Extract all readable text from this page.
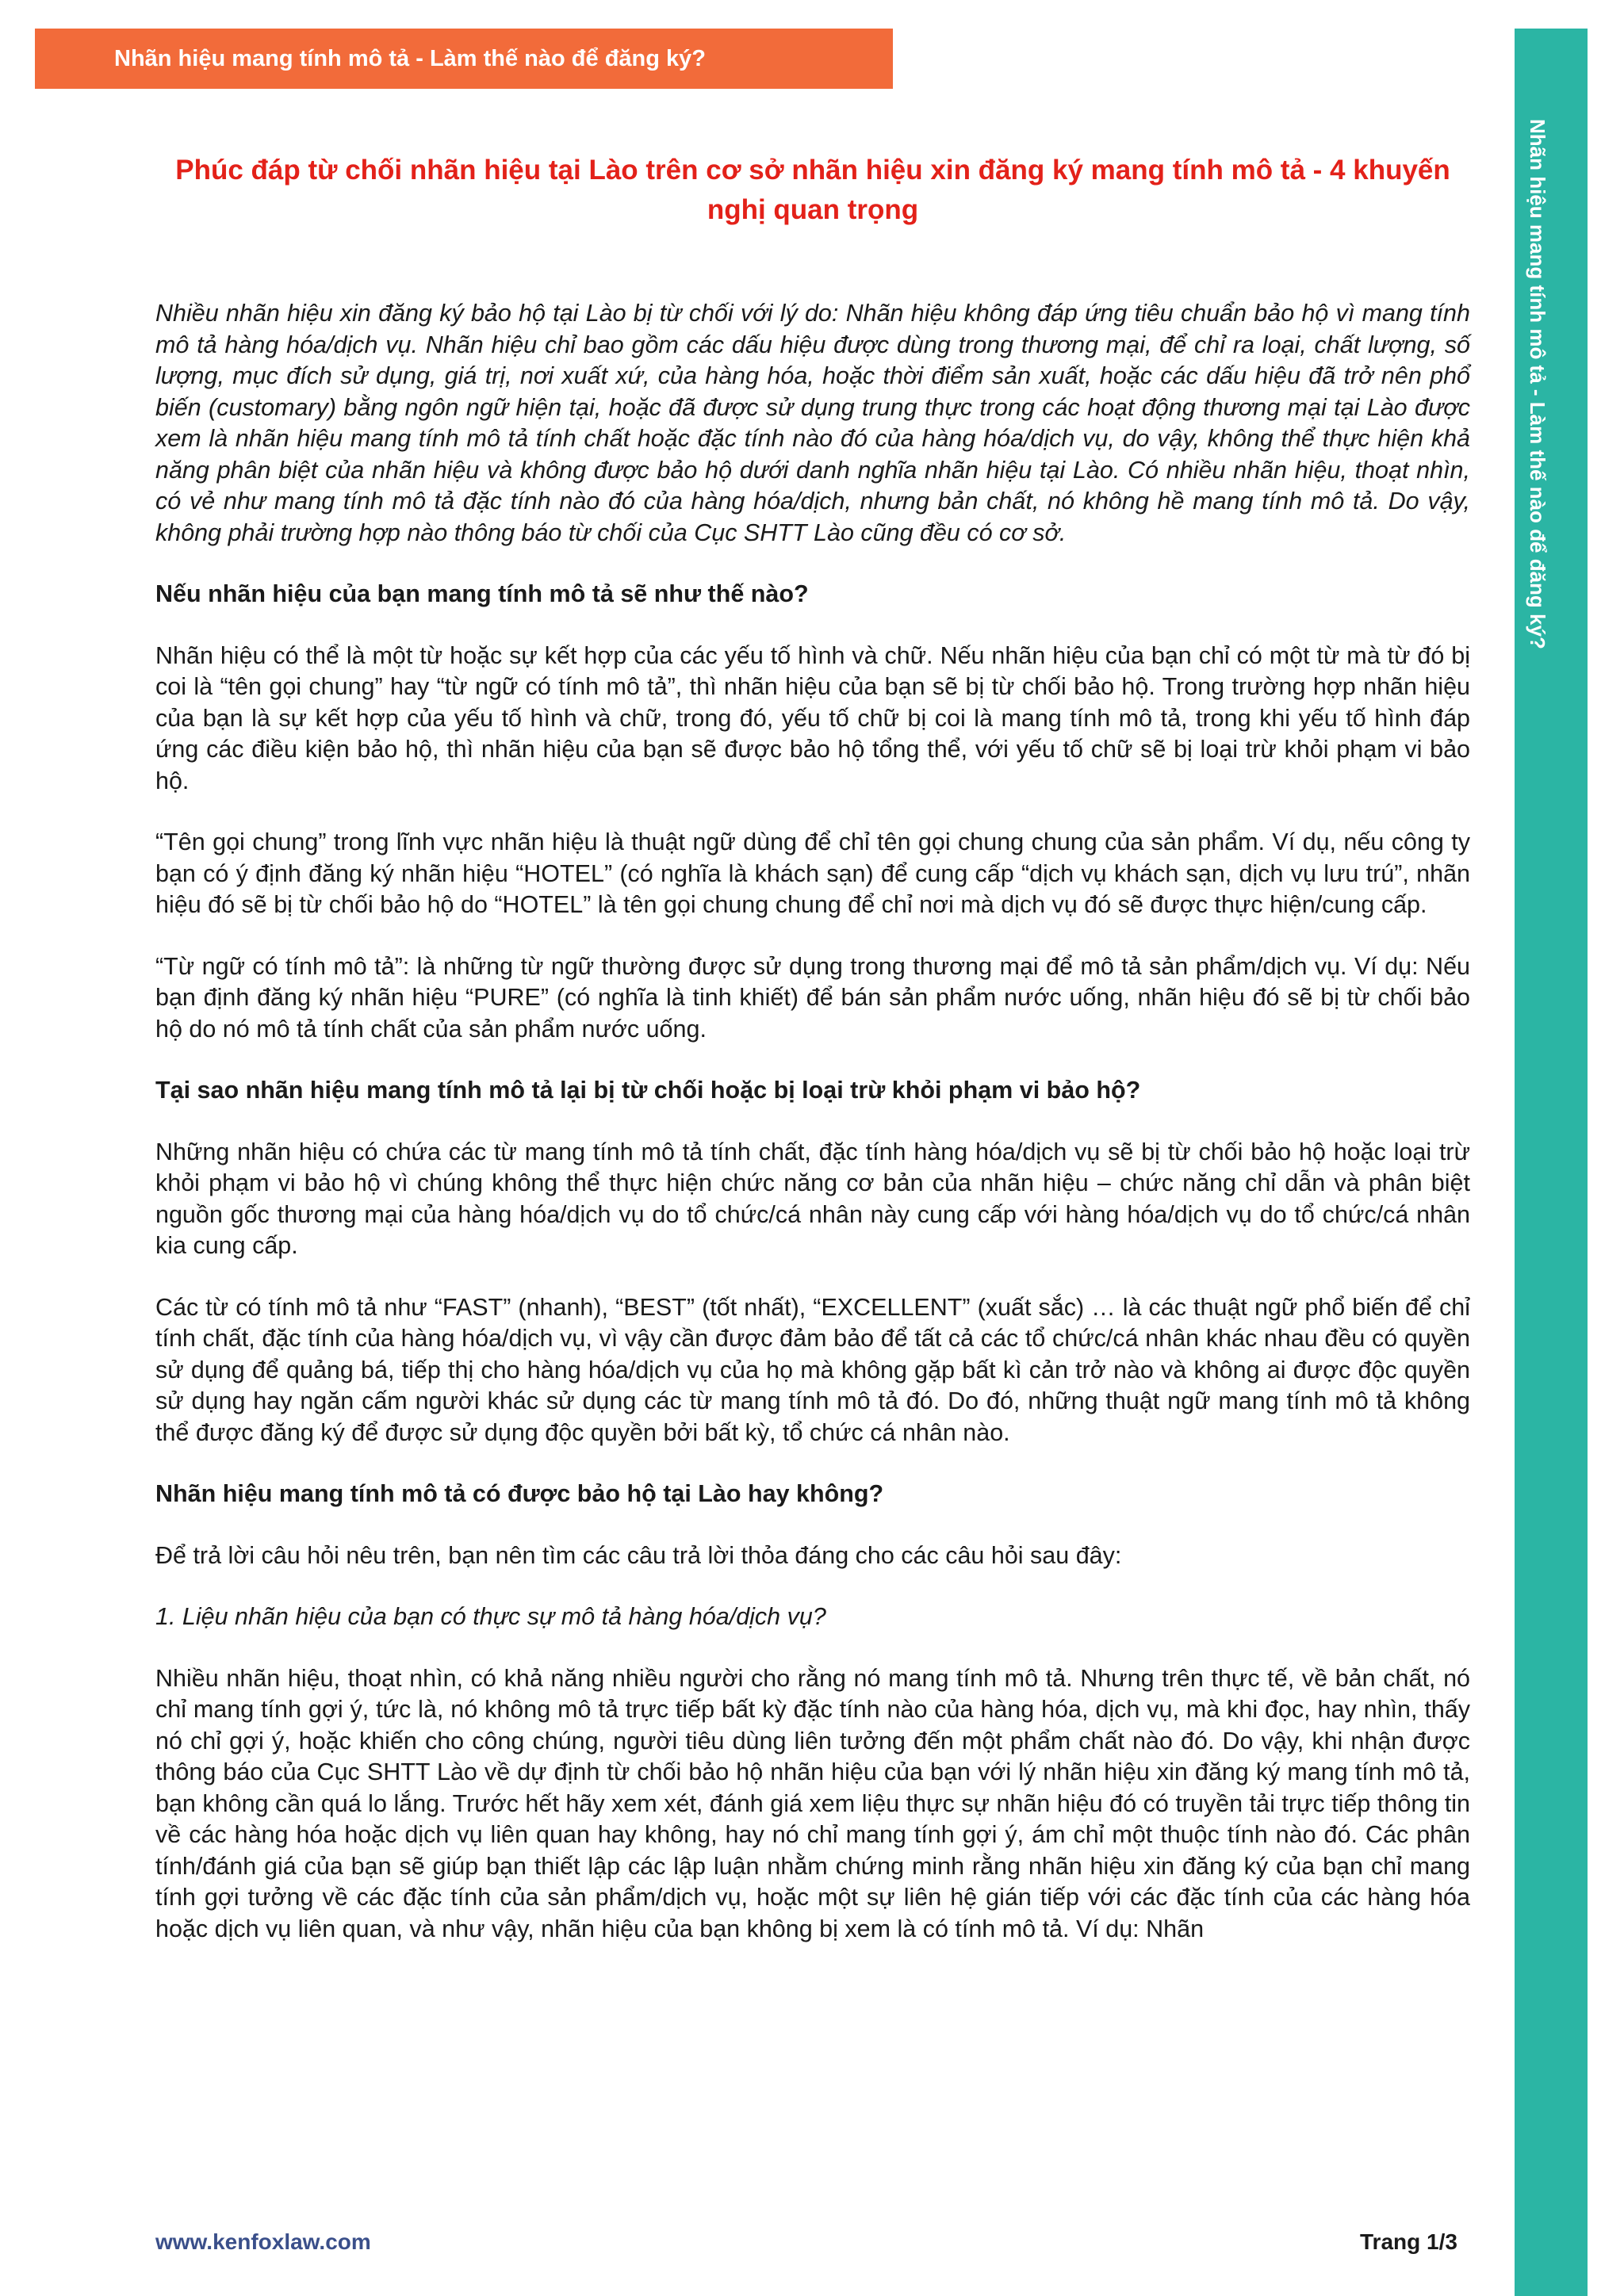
Nhãn hiệu mang tính mô tả - Làm thế nào để đăng ký?
Nhãn hiệu mang tính mô tả - Làm thế nào để đăng ký?
Phúc đáp từ chối nhãn hiệu tại Lào trên cơ sở nhãn hiệu xin đăng ký mang tính mô tả - 4 khuyến nghị quan trọng

Nhiều nhãn hiệu xin đăng ký bảo hộ tại Lào bị từ chối với lý do: Nhãn hiệu không đáp ứng tiêu chuẩn bảo hộ vì mang tính mô tả hàng hóa/dịch vụ. Nhãn hiệu chỉ bao gồm các dấu hiệu được dùng trong thương mại, để chỉ ra loại, chất lượng, số lượng, mục đích sử dụng, giá trị, nơi xuất xứ, của hàng hóa, hoặc thời điểm sản xuất, hoặc các dấu hiệu đã trở nên phổ biến (customary) bằng ngôn ngữ hiện tại, hoặc đã được sử dụng trung thực trong các hoạt động thương mại tại Lào được xem là nhãn hiệu mang tính mô tả tính chất hoặc đặc tính nào đó của hàng hóa/dịch vụ, do vậy, không thể thực hiện khả năng phân biệt của nhãn hiệu và không được bảo hộ dưới danh nghĩa nhãn hiệu tại Lào. Có nhiều nhãn hiệu, thoạt nhìn, có vẻ như mang tính mô tả đặc tính nào đó của hàng hóa/dịch, nhưng bản chất, nó không hề mang tính mô tả. Do vậy, không phải trường hợp nào thông báo từ chối của Cục SHTT Lào cũng đều có cơ sở.

Nếu nhãn hiệu của bạn mang tính mô tả sẽ như thế nào?

Nhãn hiệu có thể là một từ hoặc sự kết hợp của các yếu tố hình và chữ. Nếu nhãn hiệu của bạn chỉ có một từ mà từ đó bị coi là “tên gọi chung” hay “từ ngữ có tính mô tả”, thì nhãn hiệu của bạn sẽ bị từ chối bảo hộ. Trong trường hợp nhãn hiệu của bạn là sự kết hợp của yếu tố hình và chữ, trong đó, yếu tố chữ bị coi là mang tính mô tả, trong khi yếu tố hình đáp ứng các điều kiện bảo hộ, thì nhãn hiệu của bạn sẽ được bảo hộ tổng thể, với yếu tố chữ sẽ bị loại trừ khỏi phạm vi bảo hộ.

“Tên gọi chung” trong lĩnh vực nhãn hiệu là thuật ngữ dùng để chỉ tên gọi chung chung của sản phẩm. Ví dụ, nếu công ty bạn có ý định đăng ký nhãn hiệu “HOTEL” (có nghĩa là khách sạn) để cung cấp “dịch vụ khách sạn, dịch vụ lưu trú”, nhãn hiệu đó sẽ bị từ chối bảo hộ do “HOTEL” là tên gọi chung chung để chỉ nơi mà dịch vụ đó sẽ được thực hiện/cung cấp.

“Từ ngữ có tính mô tả”: là những từ ngữ thường được sử dụng trong thương mại để mô tả sản phẩm/dịch vụ. Ví dụ: Nếu bạn định đăng ký nhãn hiệu “PURE” (có nghĩa là tinh khiết) để bán sản phẩm nước uống, nhãn hiệu đó sẽ bị từ chối bảo hộ do nó mô tả tính chất của sản phẩm nước uống.

Tại sao nhãn hiệu mang tính mô tả lại bị từ chối hoặc bị loại trừ khỏi phạm vi bảo hộ?

Những nhãn hiệu có chứa các từ mang tính mô tả tính chất, đặc tính hàng hóa/dịch vụ sẽ bị từ chối bảo hộ hoặc loại trừ khỏi phạm vi bảo hộ vì chúng không thể thực hiện chức năng cơ bản của nhãn hiệu – chức năng chỉ dẫn và phân biệt nguồn gốc thương mại của hàng hóa/dịch vụ do tổ chức/cá nhân này cung cấp với hàng hóa/dịch vụ do tổ chức/cá nhân kia cung cấp.

Các từ có tính mô tả như “FAST” (nhanh), “BEST” (tốt nhất), “EXCELLENT” (xuất sắc) … là các thuật ngữ phổ biến để chỉ tính chất, đặc tính của hàng hóa/dịch vụ, vì vậy cần được đảm bảo để tất cả các tổ chức/cá nhân khác nhau đều có quyền sử dụng để quảng bá, tiếp thị cho hàng hóa/dịch vụ của họ mà không gặp bất kì cản trở nào và không ai được độc quyền sử dụng hay ngăn cấm người khác sử dụng các từ mang tính mô tả đó. Do đó, những thuật ngữ mang tính mô tả không thể được đăng ký để được sử dụng độc quyền bởi bất kỳ, tổ chức cá nhân nào.

Nhãn hiệu mang tính mô tả có được bảo hộ tại Lào hay không?

Để trả lời câu hỏi nêu trên, bạn nên tìm các câu trả lời thỏa đáng cho các câu hỏi sau đây:

1. Liệu nhãn hiệu của bạn có thực sự mô tả hàng hóa/dịch vụ?

Nhiều nhãn hiệu, thoạt nhìn, có khả năng nhiều người cho rằng nó mang tính mô tả. Nhưng trên thực tế, về bản chất, nó chỉ mang tính gợi ý, tức là, nó không mô tả trực tiếp bất kỳ đặc tính nào của hàng hóa, dịch vụ, mà khi đọc, hay nhìn, thấy nó chỉ gợi ý, hoặc khiến cho công chúng, người tiêu dùng liên tưởng đến một phẩm chất nào đó. Do vậy, khi nhận được thông báo của Cục SHTT Lào về dự định từ chối bảo hộ nhãn hiệu của bạn với lý nhãn hiệu xin đăng ký mang tính mô tả, bạn không cần quá lo lắng. Trước hết hãy xem xét, đánh giá xem liệu thực sự nhãn hiệu đó có truyền tải trực tiếp thông tin về các hàng hóa hoặc dịch vụ liên quan hay không, hay nó chỉ mang tính gợi ý, ám chỉ một thuộc tính nào đó. Các phân tính/đánh giá của bạn sẽ giúp bạn thiết lập các lập luận nhằm chứng minh rằng nhãn hiệu xin đăng ký của bạn chỉ mang tính gợi tưởng về các đặc tính của sản phẩm/dịch vụ, hoặc một sự liên hệ gián tiếp với các đặc tính của các hàng hóa hoặc dịch vụ liên quan, và như vậy, nhãn hiệu của bạn không bị xem là có tính mô tả. Ví dụ: Nhãn

www.kenfoxlaw.com	Trang 1/3
